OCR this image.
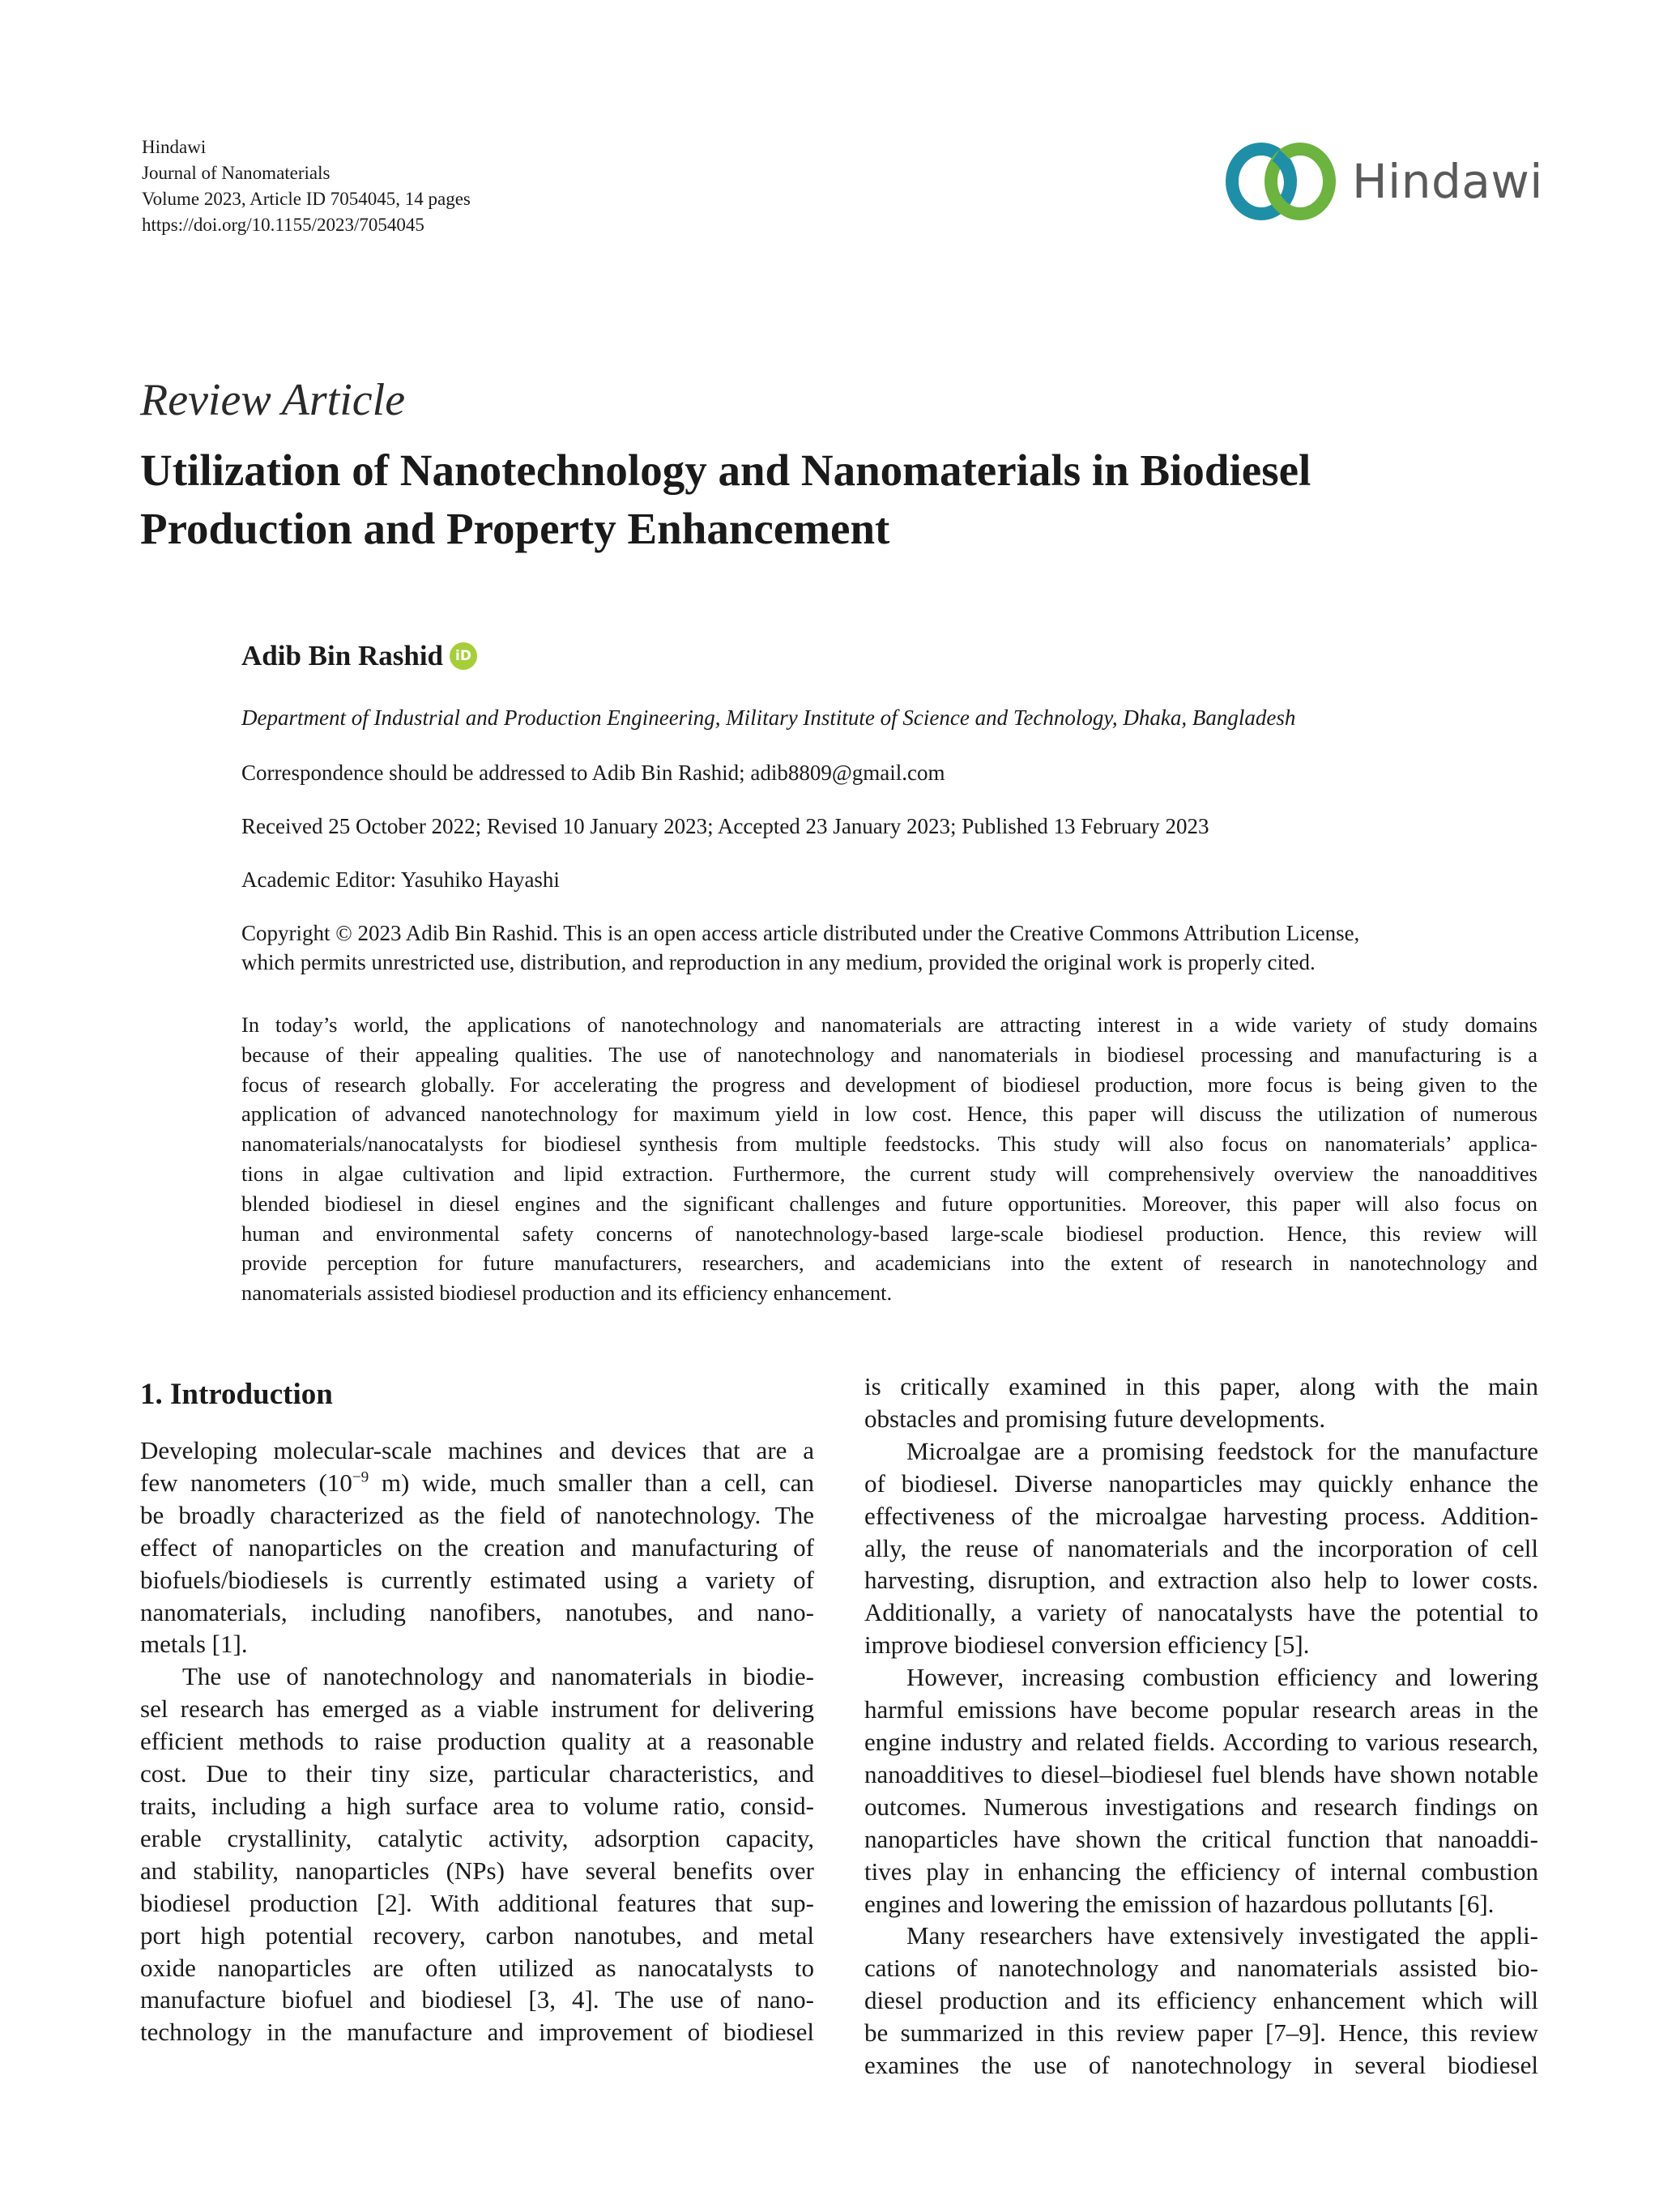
Hindawi
Journal of Nanomaterials
Volume 2023, Article ID 7054045, 14 pages
https://doi.org/10.1155/2023/7054045
Hindawi
Review Article
Utilization of Nanotechnology and Nanomaterials in Biodiesel
Production and Property Enhancement
Adib Bin Rashid iD
Department of Industrial and Production Engineering, Military Institute of Science and Technology, Dhaka, Bangladesh
Correspondence should be addressed to Adib Bin Rashid; adib8809@gmail.com
Received 25 October 2022; Revised 10 January 2023; Accepted 23 January 2023; Published 13 February 2023
Academic Editor: Yasuhiko Hayashi
Copyright © 2023 Adib Bin Rashid. This is an open access article distributed under the Creative Commons Attribution License,
which permits unrestricted use, distribution, and reproduction in any medium, provided the original work is properly cited.
In today’s world, the applications of nanotechnology and nanomaterials are attracting interest in a wide variety of study domains
because of their appealing qualities. The use of nanotechnology and nanomaterials in biodiesel processing and manufacturing is a
focus of research globally. For accelerating the progress and development of biodiesel production, more focus is being given to the
application of advanced nanotechnology for maximum yield in low cost. Hence, this paper will discuss the utilization of numerous
nanomaterials/nanocatalysts for biodiesel synthesis from multiple feedstocks. This study will also focus on nanomaterials’ applica-
tions in algae cultivation and lipid extraction. Furthermore, the current study will comprehensively overview the nanoadditives
blended biodiesel in diesel engines and the significant challenges and future opportunities. Moreover, this paper will also focus on
human and environmental safety concerns of nanotechnology-based large-scale biodiesel production. Hence, this review will
provide perception for future manufacturers, researchers, and academicians into the extent of research in nanotechnology and
nanomaterials assisted biodiesel production and its efficiency enhancement.
1. Introduction
Developing molecular-scale machines and devices that are a
few nanometers ($10^{-9}$ m) wide, much smaller than a cell, can
be broadly characterized as the field of nanotechnology. The
effect of nanoparticles on the creation and manufacturing of
biofuels/biodiesels is currently estimated using a variety of
nanomaterials, including nanofibers, nanotubes, and nano-
metals [1].
The use of nanotechnology and nanomaterials in biodie-
sel research has emerged as a viable instrument for delivering
efficient methods to raise production quality at a reasonable
cost. Due to their tiny size, particular characteristics, and
traits, including a high surface area to volume ratio, consid-
erable crystallinity, catalytic activity, adsorption capacity,
and stability, nanoparticles (NPs) have several benefits over
biodiesel production [2]. With additional features that sup-
port high potential recovery, carbon nanotubes, and metal
oxide nanoparticles are often utilized as nanocatalysts to
manufacture biofuel and biodiesel [3, 4]. The use of nano-
technology in the manufacture and improvement of biodiesel
is critically examined in this paper, along with the main
obstacles and promising future developments.
Microalgae are a promising feedstock for the manufacture
of biodiesel. Diverse nanoparticles may quickly enhance the
effectiveness of the microalgae harvesting process. Addition-
ally, the reuse of nanomaterials and the incorporation of cell
harvesting, disruption, and extraction also help to lower costs.
Additionally, a variety of nanocatalysts have the potential to
improve biodiesel conversion efficiency [5].
However, increasing combustion efficiency and lowering
harmful emissions have become popular research areas in the
engine industry and related fields. According to various research,
nanoadditives to diesel–biodiesel fuel blends have shown notable
outcomes. Numerous investigations and research findings on
nanoparticles have shown the critical function that nanoaddi-
tives play in enhancing the efficiency of internal combustion
engines and lowering the emission of hazardous pollutants [6].
Many researchers have extensively investigated the appli-
cations of nanotechnology and nanomaterials assisted bio-
diesel production and its efficiency enhancement which will
be summarized in this review paper [7–9]. Hence, this review
examines the use of nanotechnology in several biodiesel
